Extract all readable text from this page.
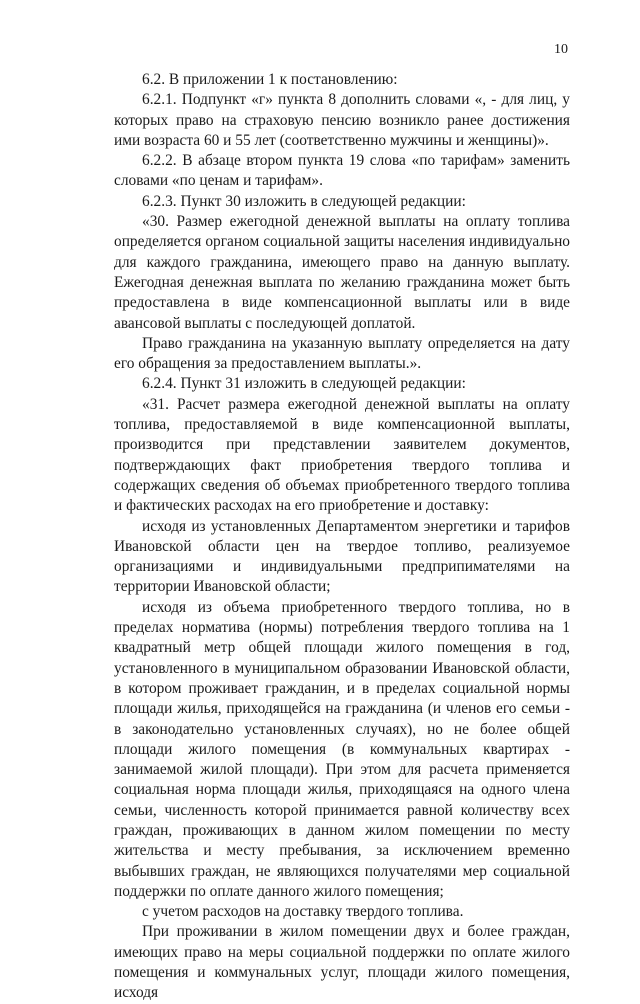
10

6.2. В приложении 1 к постановлению:

6.2.1. Подпункт «г» пункта 8 дополнить словами «, - для лиц, у которых право на страховую пенсию возникло ранее достижения ими возраста 60 и 55 лет (соответственно мужчины и женщины)».

6.2.2. В абзаце втором пункта 19 слова «по тарифам» заменить словами «по ценам и тарифам».

6.2.3. Пункт 30 изложить в следующей редакции:

«30. Размер ежегодной денежной выплаты на оплату топлива определяется органом социальной защиты населения индивидуально для каждого гражданина, имеющего право на данную выплату. Ежегодная денежная выплата по желанию гражданина может быть предоставлена в виде компенсационной выплаты или в виде авансовой выплаты с последующей доплатой.

Право гражданина на указанную выплату определяется на дату его обращения за предоставлением выплаты.».

6.2.4. Пункт 31 изложить в следующей редакции:

«31. Расчет размера ежегодной денежной выплаты на оплату топлива, предоставляемой в виде компенсационной выплаты, производится при представлении заявителем документов, подтверждающих факт приобретения твердого топлива и содержащих сведения об объемах приобретенного твердого топлива и фактических расходах на его приобретение и доставку:

исходя из установленных Департаментом энергетики и тарифов Ивановской области цен на твердое топливо, реализуемое организациями и индивидуальными предприпимателями на территории Ивановской области;

исходя из объема приобретенного твердого топлива, но в пределах норматива (нормы) потребления твердого топлива на 1 квадратный метр общей площади жилого помещения в год, установленного в муниципальном образовании Ивановской области, в котором проживает гражданин, и в пределах социальной нормы площади жилья, приходящейся на гражданина (и членов его семьи - в законодательно установленных случаях), но не более общей площади жилого помещения (в коммунальных квартирах - занимаемой жилой площади). При этом для расчета применяется социальная норма площади жилья, приходящаяся на одного члена семьи, численность которой принимается равной количеству всех граждан, проживающих в данном жилом помещении по месту жительства и месту пребывания, за исключением временно выбывших граждан, не являющихся получателями мер социальной поддержки по оплате данного жилого помещения;

с учетом расходов на доставку твердого топлива.

При проживании в жилом помещении двух и более граждан, имеющих право на меры социальной поддержки по оплате жилого помещения и коммунальных услуг, площади жилого помещения, исходя
